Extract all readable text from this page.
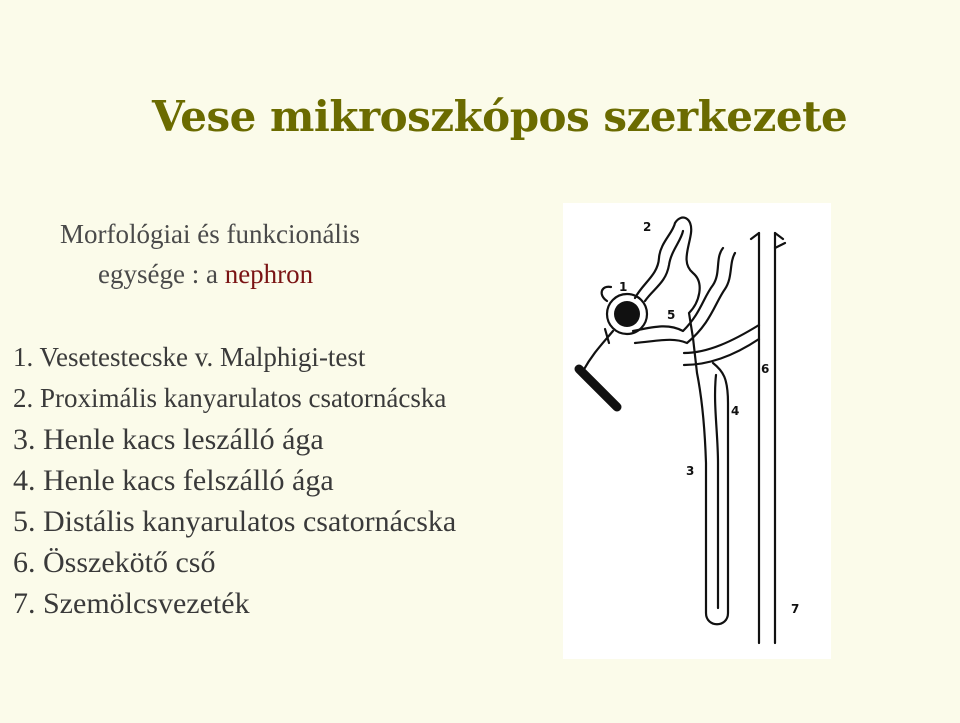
Vese mikroszkópos szerkezete
Morfológiai és funkcionális
egysége : a nephron
1. Vesetestecske v. Malphigi-test
2. Proximális kanyarulatos csatornácska
3. Henle kacs leszálló ága
4. Henle kacs felszálló ága
5. Distális kanyarulatos csatornácska
6. Összekötő cső
7. Szemölcsvezeték
1
2
3
4
5
6
7
